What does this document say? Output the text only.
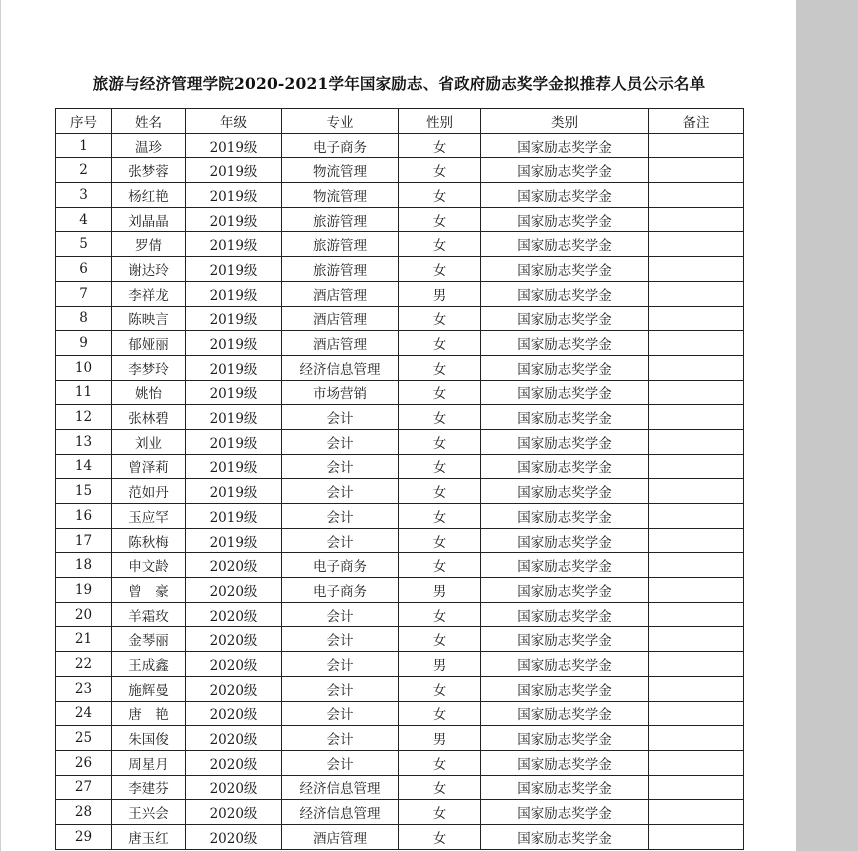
旅游与经济管理学院2020-2021学年国家励志、省政府励志奖学金拟推荐人员公示名单
序号	姓名	年级	专业	性别	类别	备注
1	温珍	2019级	电子商务	女	国家励志奖学金	
2	张梦蓉	2019级	物流管理	女	国家励志奖学金	
3	杨红艳	2019级	物流管理	女	国家励志奖学金	
4	刘晶晶	2019级	旅游管理	女	国家励志奖学金	
5	罗倩	2019级	旅游管理	女	国家励志奖学金	
6	谢达玲	2019级	旅游管理	女	国家励志奖学金	
7	李祥龙	2019级	酒店管理	男	国家励志奖学金	
8	陈映言	2019级	酒店管理	女	国家励志奖学金	
9	郁娅丽	2019级	酒店管理	女	国家励志奖学金	
10	李梦玲	2019级	经济信息管理	女	国家励志奖学金	
11	姚怡	2019级	市场营销	女	国家励志奖学金	
12	张林碧	2019级	会计	女	国家励志奖学金	
13	刘业	2019级	会计	女	国家励志奖学金	
14	曾泽莉	2019级	会计	女	国家励志奖学金	
15	范如丹	2019级	会计	女	国家励志奖学金	
16	玉应罕	2019级	会计	女	国家励志奖学金	
17	陈秋梅	2019级	会计	女	国家励志奖学金	
18	申文龄	2020级	电子商务	女	国家励志奖学金	
19	曾　豪	2020级	电子商务	男	国家励志奖学金	
20	羊霜玫	2020级	会计	女	国家励志奖学金	
21	金琴丽	2020级	会计	女	国家励志奖学金	
22	王成鑫	2020级	会计	男	国家励志奖学金	
23	施辉曼	2020级	会计	女	国家励志奖学金	
24	唐　艳	2020级	会计	女	国家励志奖学金	
25	朱国俊	2020级	会计	男	国家励志奖学金	
26	周星月	2020级	会计	女	国家励志奖学金	
27	李建芬	2020级	经济信息管理	女	国家励志奖学金	
28	王兴会	2020级	经济信息管理	女	国家励志奖学金	
29	唐玉红	2020级	酒店管理	女	国家励志奖学金	
